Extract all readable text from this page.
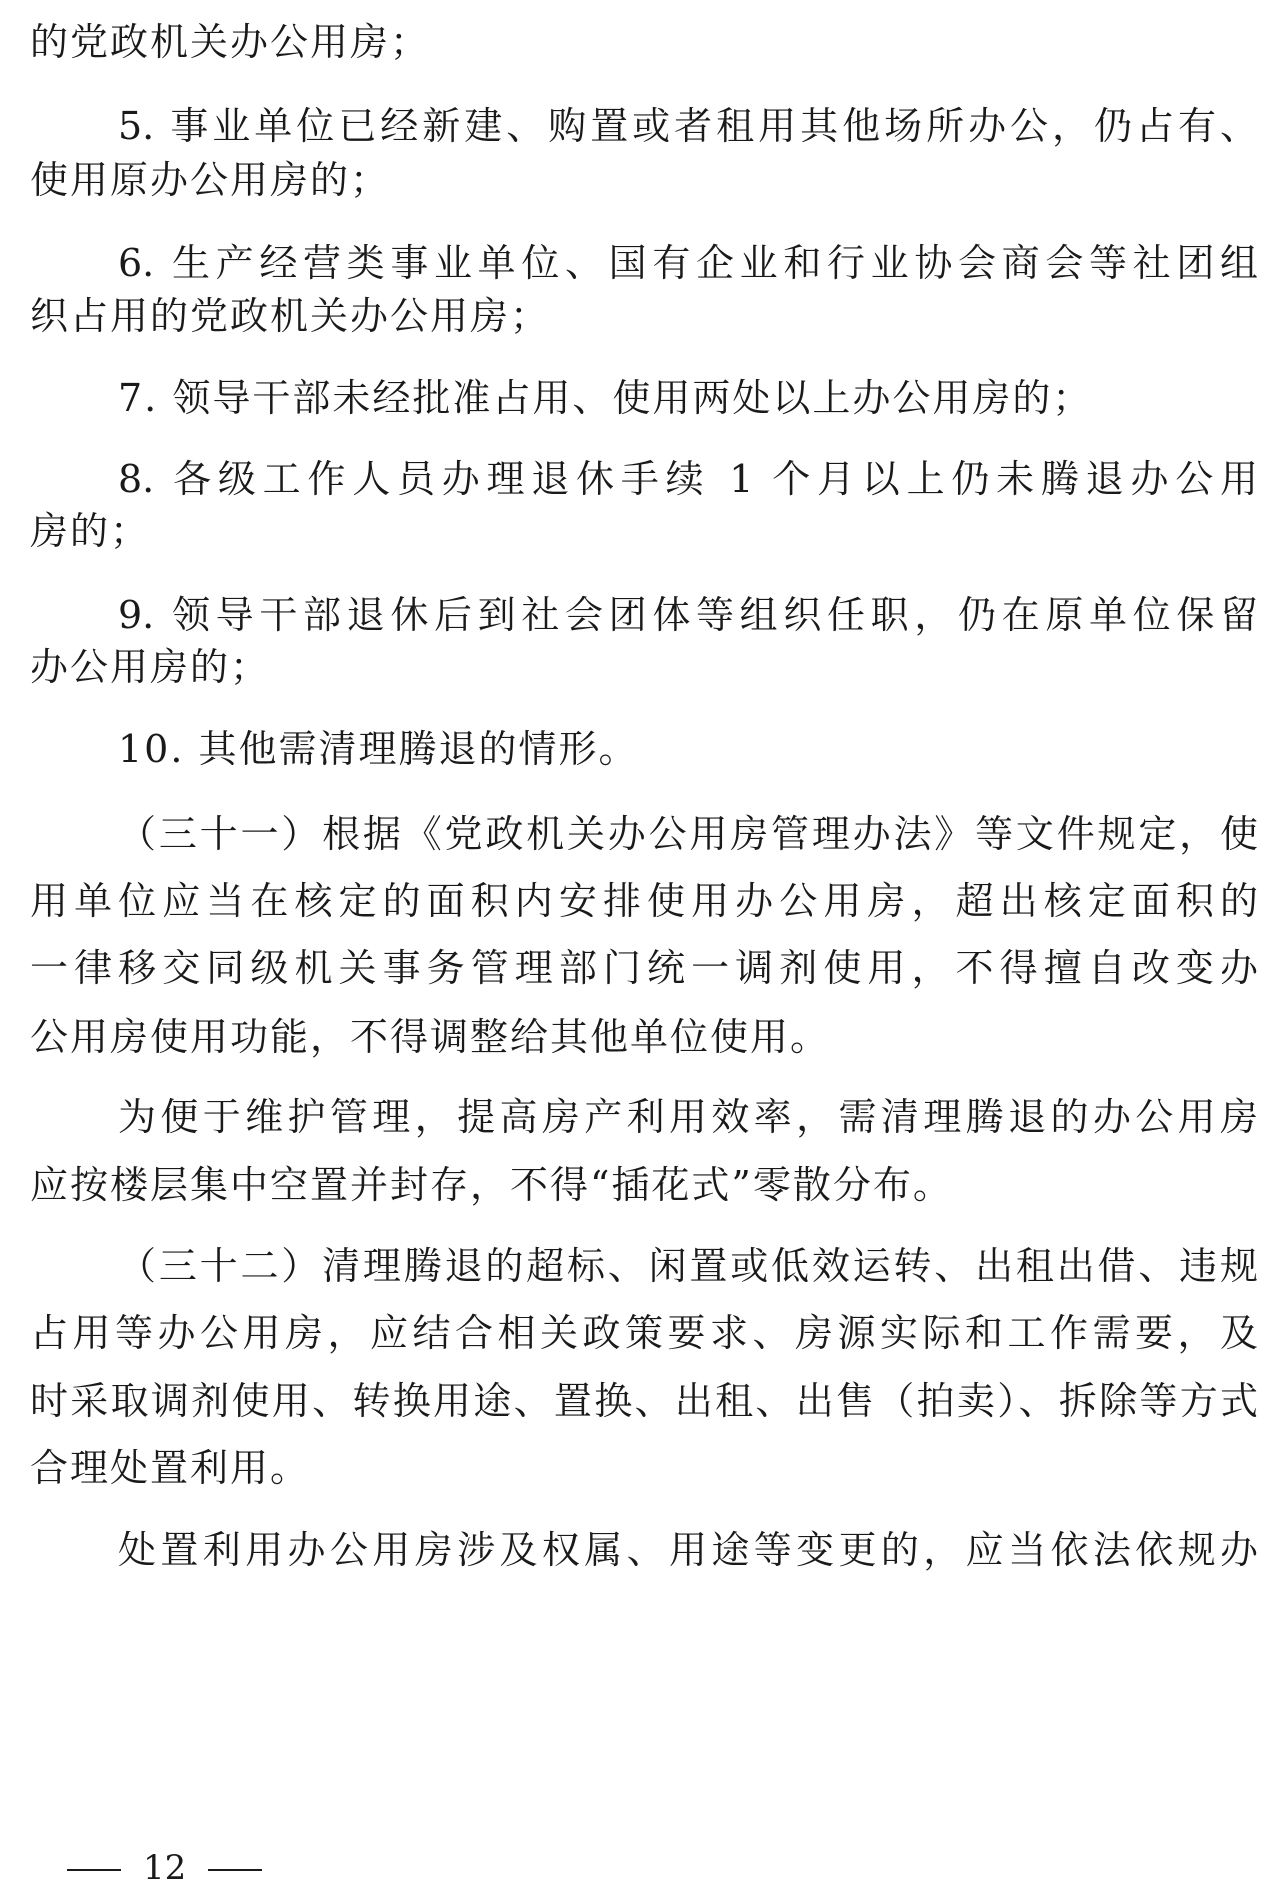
的党政机关办公用房；
5. 事业单位已经新建、购置或者租用其他场所办公，仍占有、
使用原办公用房的；
6. 生产经营类事业单位、国有企业和行业协会商会等社团组
织占用的党政机关办公用房；
7. 领导干部未经批准占用、使用两处以上办公用房的；
8. 各级工作人员办理退休手续 1 个月以上仍未腾退办公用
房的；
9. 领导干部退休后到社会团体等组织任职，仍在原单位保留
办公用房的；
10. 其他需清理腾退的情形。
（三十一）根据《党政机关办公用房管理办法》等文件规定，使
用单位应当在核定的面积内安排使用办公用房，超出核定面积的
一律移交同级机关事务管理部门统一调剂使用，不得擅自改变办
公用房使用功能，不得调整给其他单位使用。
为便于维护管理，提高房产利用效率，需清理腾退的办公用房
应按楼层集中空置并封存，不得“插花式”零散分布。
（三十二）清理腾退的超标、闲置或低效运转、出租出借、违规
占用等办公用房，应结合相关政策要求、房源实际和工作需要，及
时采取调剂使用、转换用途、置换、出租、出售（拍卖）、拆除等方式
合理处置利用。
处置利用办公用房涉及权属、用途等变更的，应当依法依规办
12
